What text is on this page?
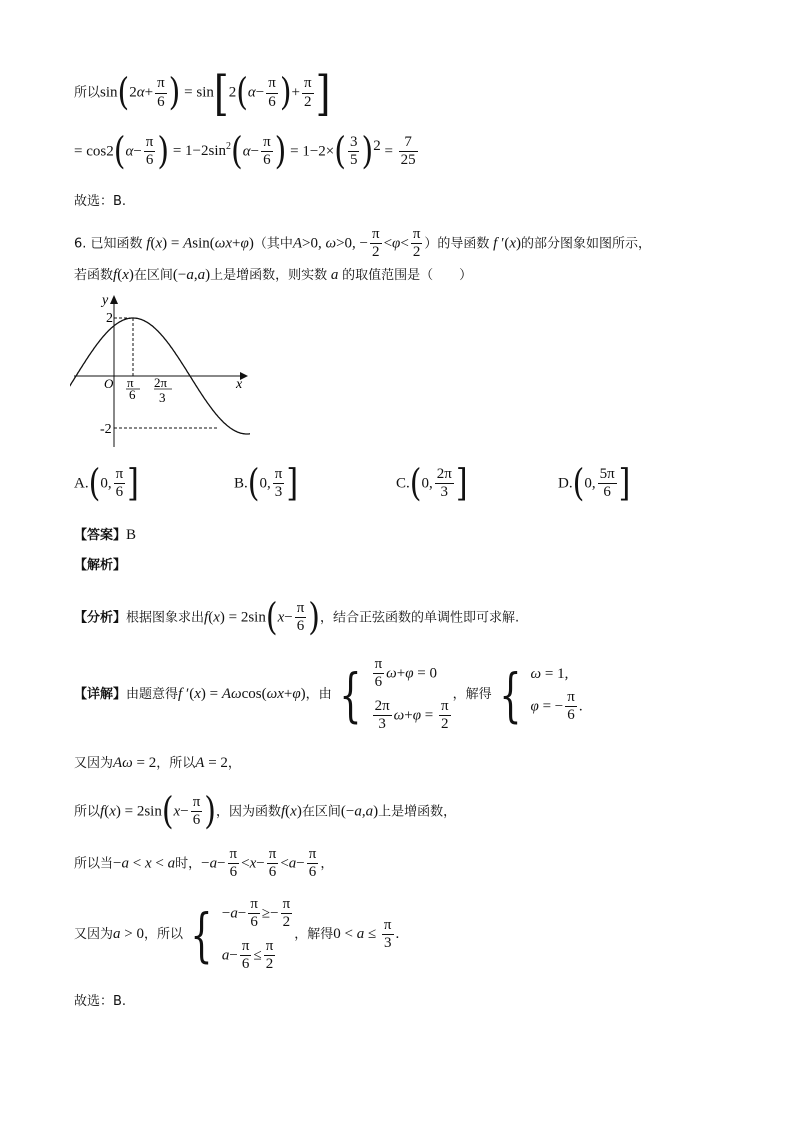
所以$\sin(2\alpha+ \frac{\pi}{6}$ ) = $\sin[2(\alpha- \frac{\pi}{6}$ )+ $\frac{\pi}{2}$ ]
= $\cos 2(\alpha- \frac{\pi}{6}$ ) = $1-2\sin^2(\alpha- \frac{\pi}{6}$ ) = $1-2\times( \frac{3}{5} )^2 = \frac{7}{25}$
故选：B.
6. 已知函数 f(x) = Asin(ωx+φ)（其中A>0, ω>0, − $\frac{\pi}{2} <\varphi< \frac{\pi}{2}$ ）的导函数 f ′(x)的部分图象如图所示，
若函数f(x)在区间(−a,a)上是增函数，则实数 a 的取值范围是（　　）
y
x
O
2
-2
π
6
2π
3
A.(0, $\frac{\pi}{6}$ ]	B.(0, $\frac{\pi}{3}$ ]	C.(0, $\frac{2\pi}{3}$ ]	D.(0, $\frac{5\pi}{6}$ ]
【答案】B
【解析】
【分析】根据图象求出$f(x) = 2\sin(x- \frac{\pi}{6}$ )，结合正弦函数的单调性即可求解.
【详解】由题意得f ′(x) = Aωcos(ωx+φ)，由 { $\frac{\pi}{6} \omega+\varphi = 0$
$\frac{2\pi}{3} \omega+\varphi = \frac{\pi}{2}$
，解得 { ω = 1,
φ = − $\frac{\pi}{6}$ .
又因为Aω = 2，所以A = 2，
所以$f(x) = 2\sin(x- \frac{\pi}{6}$ )，因为函数f(x)在区间(−a,a)上是增函数，
所以当−a < x < a时，$-a- \frac{\pi}{6} <x- \frac{\pi}{6} <a- \frac{\pi}{6}$ ，
又因为a > 0，所以 { $-a- \frac{\pi}{6} \ge- \frac{\pi}{2}$
$a- \frac{\pi}{6} \le \frac{\pi}{2}$
，解得$0 < a \le \frac{\pi}{3}$ .
故选：B.
